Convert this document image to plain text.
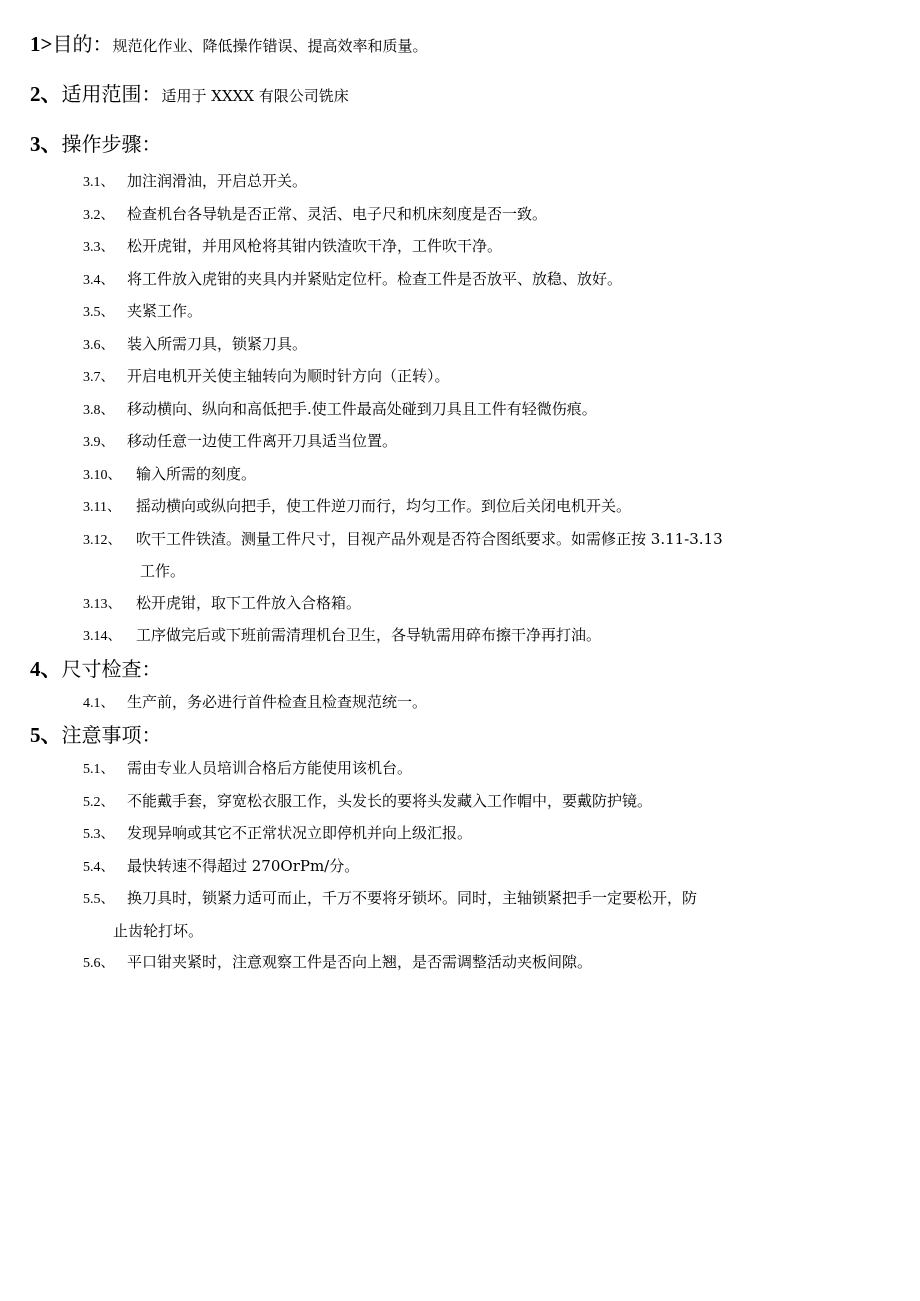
1> 目的： 规范化作业、降低操作错误、提高效率和质量。
2、 适用范围： 适用于 XXXX 有限公司铣床
3、 操作步骤：
3.1、 加注润滑油，开启总开关。
3.2、 检查机台各导轨是否正常、灵活、电子尺和机床刻度是否一致。
3.3、 松开虎钳，并用风枪将其钳内铁渣吹干净，工件吹干净。
3.4、 将工件放入虎钳的夹具内并紧贴定位杆。检查工件是否放平、放稳、放好。
3.5、 夹紧工作。
3.6、 装入所需刀具，锁紧刀具。
3.7、 开启电机开关使主轴转向为顺时针方向（正转）。
3.8、 移动横向、纵向和高低把手.使工件最高处碰到刀具且工件有轻微伤痕。
3.9、 移动任意一边使工件离开刀具适当位置。
3.10、 输入所需的刻度。
3.11、 摇动横向或纵向把手，使工件逆刀而行，均匀工作。到位后关闭电机开关。
3.12、 吹干工件铁渣。测量工件尺寸，目视产品外观是否符合图纸要求。如需修正按 3.11-3.13
工作。
3.13、 松开虎钳，取下工件放入合格箱。
3.14、 工序做完后或下班前需清理机台卫生，各导轨需用碎布擦干净再打油。
4、 尺寸检查：
4.1、 生产前，务必进行首件检查且检查规范统一。
5、 注意事项：
5.1、 需由专业人员培训合格后方能使用该机台。
5.2、 不能戴手套，穿宽松衣服工作，头发长的要将头发藏入工作帽中，要戴防护镜。
5.3、 发现异响或其它不正常状况立即停机并向上级汇报。
5.4、 最快转速不得超过 270OrPm/分。
5.5、 换刀具时，锁紧力适可而止，千万不要将牙锁坏。同时，主轴锁紧把手一定要松开，防
止齿轮打坏。
5.6、 平口钳夹紧时，注意观察工件是否向上翘，是否需调整活动夹板间隙。
